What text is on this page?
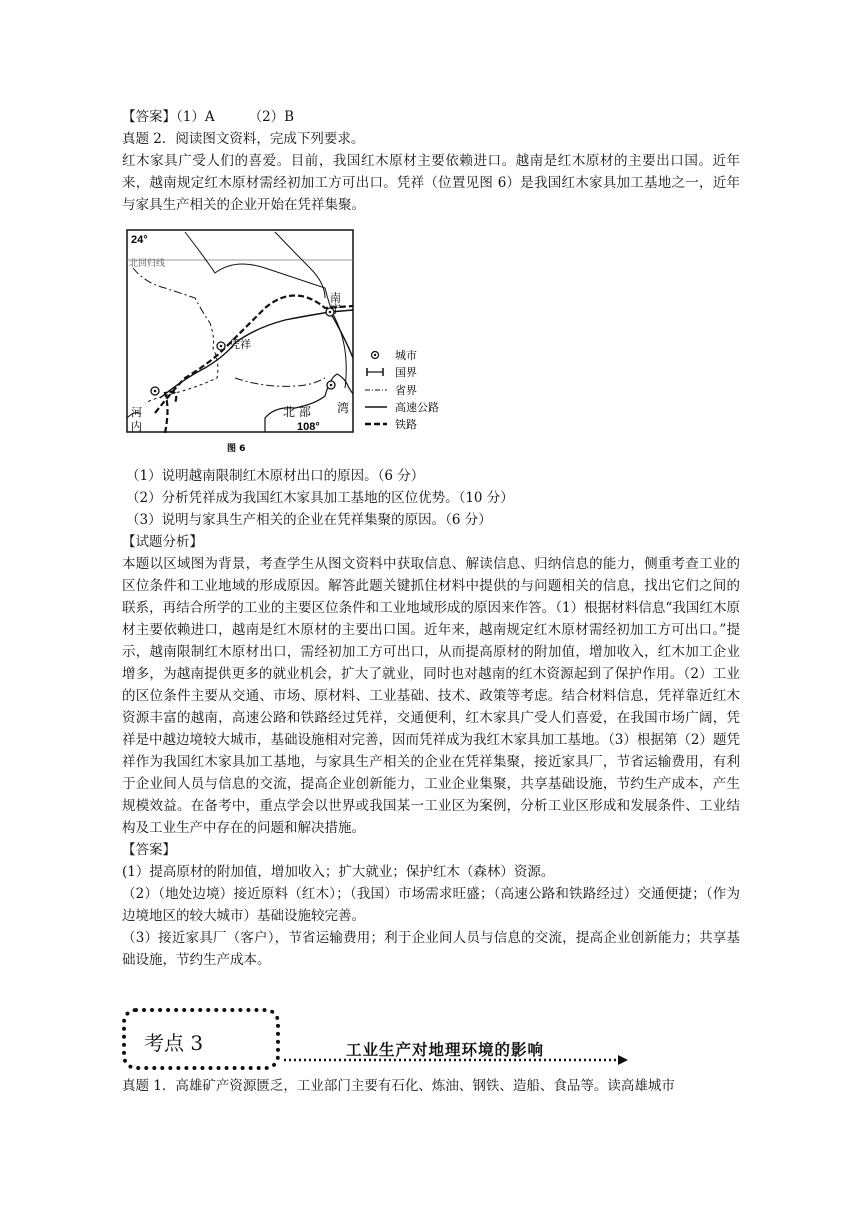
【答案】（1）A	（2）B
真题 2．阅读图文资料，完成下列要求。
红木家具广受人们的喜爱。目前，我国红木原材主要依赖进口。越南是红木原材的主要出口国。近年来，越南规定红木原材需经初加工方可出口。凭祥（位置见图 6）是我国红木家具加工基地之一，近年与家具生产相关的企业开始在凭祥集聚。
24°
北回归线
南宁
凭祥
河
内
北 部 湾
108°
图 6
城市
国界
省界
高速公路
铁路
（1）说明越南限制红木原材出口的原因。（6 分）
（2）分析凭祥成为我国红木家具加工基地的区位优势。（10 分）
（3）说明与家具生产相关的企业在凭祥集聚的原因。（6 分）
【试题分析】
本题以区域图为背景，考查学生从图文资料中获取信息、解读信息、归纳信息的能力，侧重考查工业的区位条件和工业地域的形成原因。解答此题关键抓住材料中提供的与问题相关的信息，找出它们之间的联系，再结合所学的工业的主要区位条件和工业地域形成的原因来作答。（1）根据材料信息“我国红木原材主要依赖进口，越南是红木原材的主要出口国。近年来，越南规定红木原材需经初加工方可出口。”提示，越南限制红木原材出口，需经初加工方可出口，从而提高原材的附加值，增加收入，红木加工企业增多，为越南提供更多的就业机会，扩大了就业，同时也对越南的红木资源起到了保护作用。（2）工业的区位条件主要从交通、市场、原材料、工业基础、技术、政策等考虑。结合材料信息，凭祥靠近红木资源丰富的越南，高速公路和铁路经过凭祥，交通便利，红木家具广受人们喜爱，在我国市场广阔，凭祥是中越边境较大城市，基础设施相对完善，因而凭祥成为我红木家具加工基地。（3）根据第（2）题凭祥作为我国红木家具加工基地，与家具生产相关的企业在凭祥集聚，接近家具厂，节省运输费用，有利于企业间人员与信息的交流，提高企业创新能力，工业企业集聚，共享基础设施，节约生产成本，产生规模效益。在备考中，重点学会以世界或我国某一工业区为案例，分析工业区形成和发展条件、工业结构及工业生产中存在的问题和解决措施。
【答案】
(1）提高原材的附加值，增加收入；扩大就业；保护红木（森林）资源。
（2）（地处边境）接近原料（红木）；（我国）市场需求旺盛；（高速公路和铁路经过）交通便捷；（作为边境地区的较大城市）基础设施较完善。
（3）接近家具厂（客户），节省运输费用；利于企业间人员与信息的交流，提高企业创新能力；共享基础设施，节约生产成本。
考点 3	工业生产对地理环境的影响
真题 1．高雄矿产资源匮乏，工业部门主要有石化、炼油、钢铁、造船、食品等。读高雄城市
